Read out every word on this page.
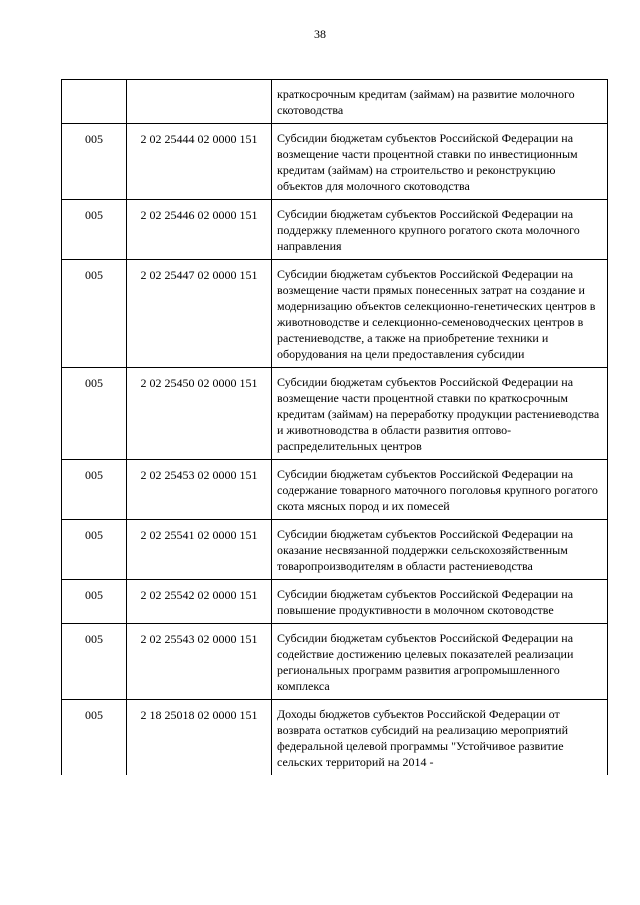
38
		краткосрочным кредитам (займам) на развитие молочного скотоводства
005	2 02 25444 02 0000 151	Субсидии бюджетам субъектов Российской Федерации на возмещение части процентной ставки по инвестиционным кредитам (займам) на строительство и реконструкцию объектов для молочного скотоводства
005	2 02 25446 02 0000 151	Субсидии бюджетам субъектов Российской Федерации на поддержку племенного крупного рогатого скота молочного направления
005	2 02 25447 02 0000 151	Субсидии бюджетам субъектов Российской Федерации на возмещение части прямых понесенных затрат на создание и модернизацию объектов селекционно-генетических центров в животноводстве и селекционно-семеноводческих центров в растениеводстве, а также на приобретение техники и оборудования на цели предоставления субсидии
005	2 02 25450 02 0000 151	Субсидии бюджетам субъектов Российской Федерации на возмещение части процентной ставки по краткосрочным кредитам (займам) на переработку продукции растениеводства и животноводства в области развития оптово-распределительных центров
005	2 02 25453 02 0000 151	Субсидии бюджетам субъектов Российской Федерации на содержание товарного маточного поголовья крупного рогатого скота мясных пород и их помесей
005	2 02 25541 02 0000 151	Субсидии бюджетам субъектов Российской Федерации на оказание несвязанной поддержки сельскохозяйственным товаропроизводителям в области растениеводства
005	2 02 25542 02 0000 151	Субсидии бюджетам субъектов Российской Федерации на повышение продуктивности в молочном скотоводстве
005	2 02 25543 02 0000 151	Субсидии бюджетам субъектов Российской Федерации на содействие достижению целевых показателей реализации региональных программ развития агропромышленного комплекса
005	2 18 25018 02 0000 151	Доходы бюджетов субъектов Российской Федерации от возврата остатков субсидий на реализацию мероприятий федеральной целевой программы "Устойчивое развитие сельских территорий на 2014 -
